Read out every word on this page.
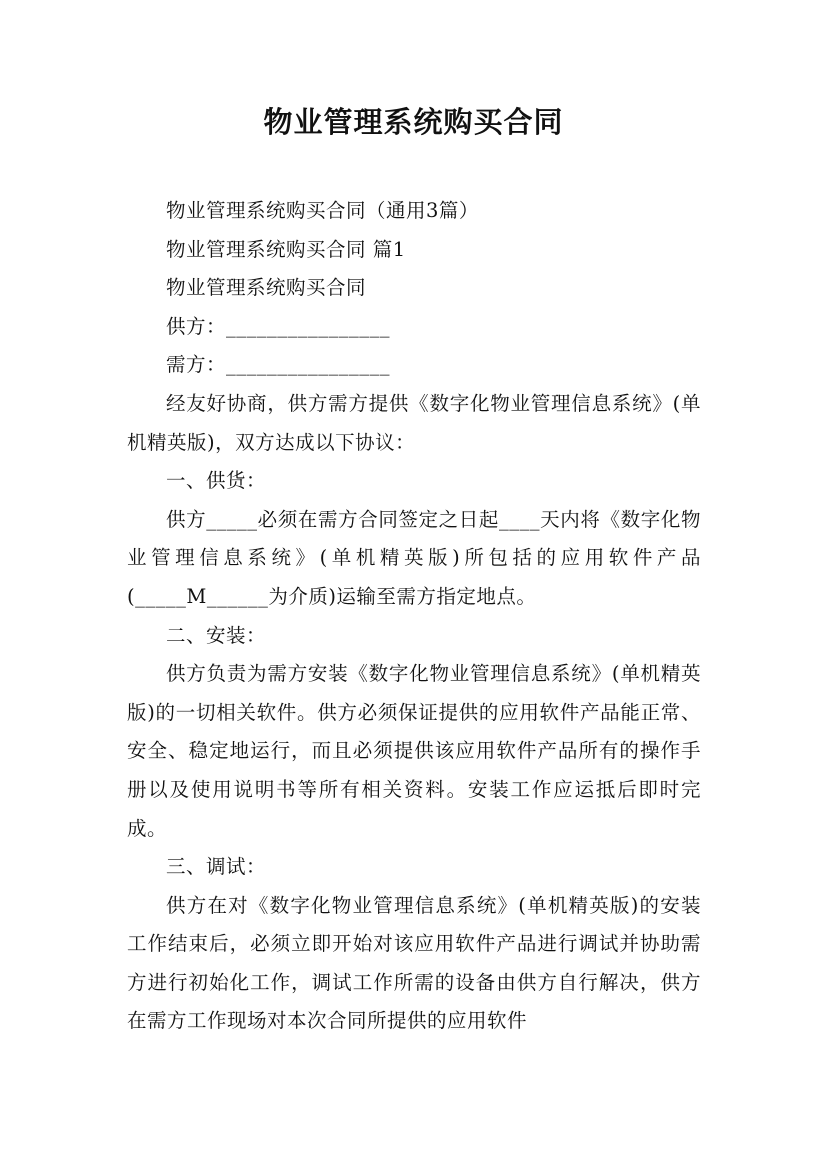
物业管理系统购买合同

物业管理系统购买合同（通用3篇）

物业管理系统购买合同 篇1

物业管理系统购买合同

供方：________________

需方：________________

经友好协商，供方需方提供《数字化物业管理信息系统》(单机精英版)，双方达成以下协议：

一、供货：

供方_____必须在需方合同签定之日起____天内将《数字化物业管理信息系统》(单机精英版)所包括的应用软件产品(_____M______为介质)运输至需方指定地点。

二、安装：

供方负责为需方安装《数字化物业管理信息系统》(单机精英版)的一切相关软件。供方必须保证提供的应用软件产品能正常、安全、稳定地运行，而且必须提供该应用软件产品所有的操作手册以及使用说明书等所有相关资料。安装工作应运抵后即时完成。

三、调试：

供方在对《数字化物业管理信息系统》(单机精英版)的安装工作结束后，必须立即开始对该应用软件产品进行调试并协助需方进行初始化工作，调试工作所需的设备由供方自行解决，供方在需方工作现场对本次合同所提供的应用软件
